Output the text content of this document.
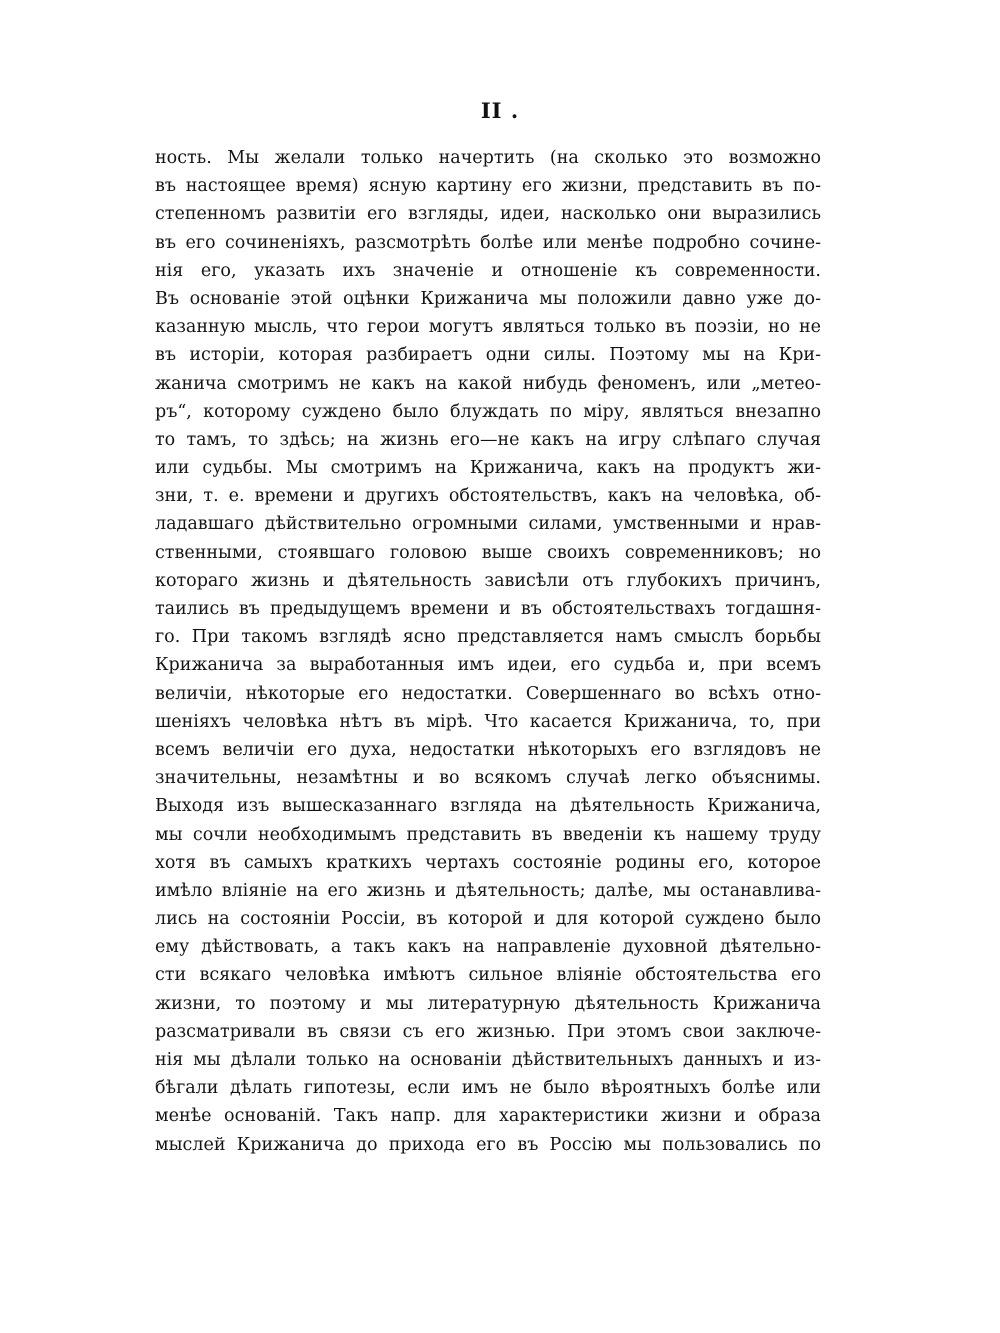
II .
ность. Мы желали только начертить (на сколько это возможно
въ настоящее время) ясную картину его жизни, представить въ по-
степенномъ развитіи его взгляды, идеи, насколько они выразились
въ его сочиненіяхъ, разсмотрѣть болѣе или менѣе подробно сочине-
нія его, указать ихъ значеніе и отношеніе къ современности.
Въ основаніе этой оцѣнки Крижанича мы положили давно уже до-
казанную мысль, что герои могутъ являться только въ поэзіи, но не
въ исторіи, которая разбираетъ одни силы. Поэтому мы на Кри-
жанича смотримъ не какъ на какой нибудь феноменъ, или „метео-
ръ“, которому суждено было блуждать по міру, являться внезапно
то тамъ, то здѣсь; на жизнь его—не какъ на игру слѣпаго случая
или судьбы. Мы смотримъ на Крижанича, какъ на продуктъ жи-
зни, т. е. времени и другихъ обстоятельствъ, какъ на человѣка, об-
ладавшаго дѣйствительно огромными силами, умственными и нрав-
ственными, стоявшаго головою выше своихъ современниковъ; но
котораго жизнь и дѣятельность зависѣли отъ глубокихъ причинъ,
таились въ предыдущемъ времени и въ обстоятельствахъ тогдашня-
го. При такомъ взглядѣ ясно представляется намъ смыслъ борьбы
Крижанича за выработанныя имъ идеи, его судьба и, при всемъ
величіи, нѣкоторые его недостатки. Совершеннаго во всѣхъ отно-
шеніяхъ человѣка нѣтъ въ мірѣ. Что касается Крижанича, то, при
всемъ величіи его духа, недостатки нѣкоторыхъ его взглядовъ не
значительны, незамѣтны и во всякомъ случаѣ легко объяснимы.
Выходя изъ вышесказаннаго взгляда на дѣятельность Крижанича,
мы сочли необходимымъ представить въ введеніи къ нашему труду
хотя въ самыхъ краткихъ чертахъ состояніе родины его, которое
имѣло вліяніе на его жизнь и дѣятельность; далѣе, мы останавлива-
лись на состояніи Россіи, въ которой и для которой суждено было
ему дѣйствовать, а такъ какъ на направленіе духовной дѣятельно-
сти всякаго человѣка имѣютъ сильное вліяніе обстоятельства его
жизни, то поэтому и мы литературную дѣятельность Крижанича
разсматривали въ связи съ его жизнью. При этомъ свои заключе-
нія мы дѣлали только на основаніи дѣйствительныхъ данныхъ и из-
бѣгали дѣлать гипотезы, если имъ не было вѣроятныхъ болѣе или
менѣе основаній. Такъ напр. для характеристики жизни и образа
мыслей Крижанича до прихода его въ Россію мы пользовались по
